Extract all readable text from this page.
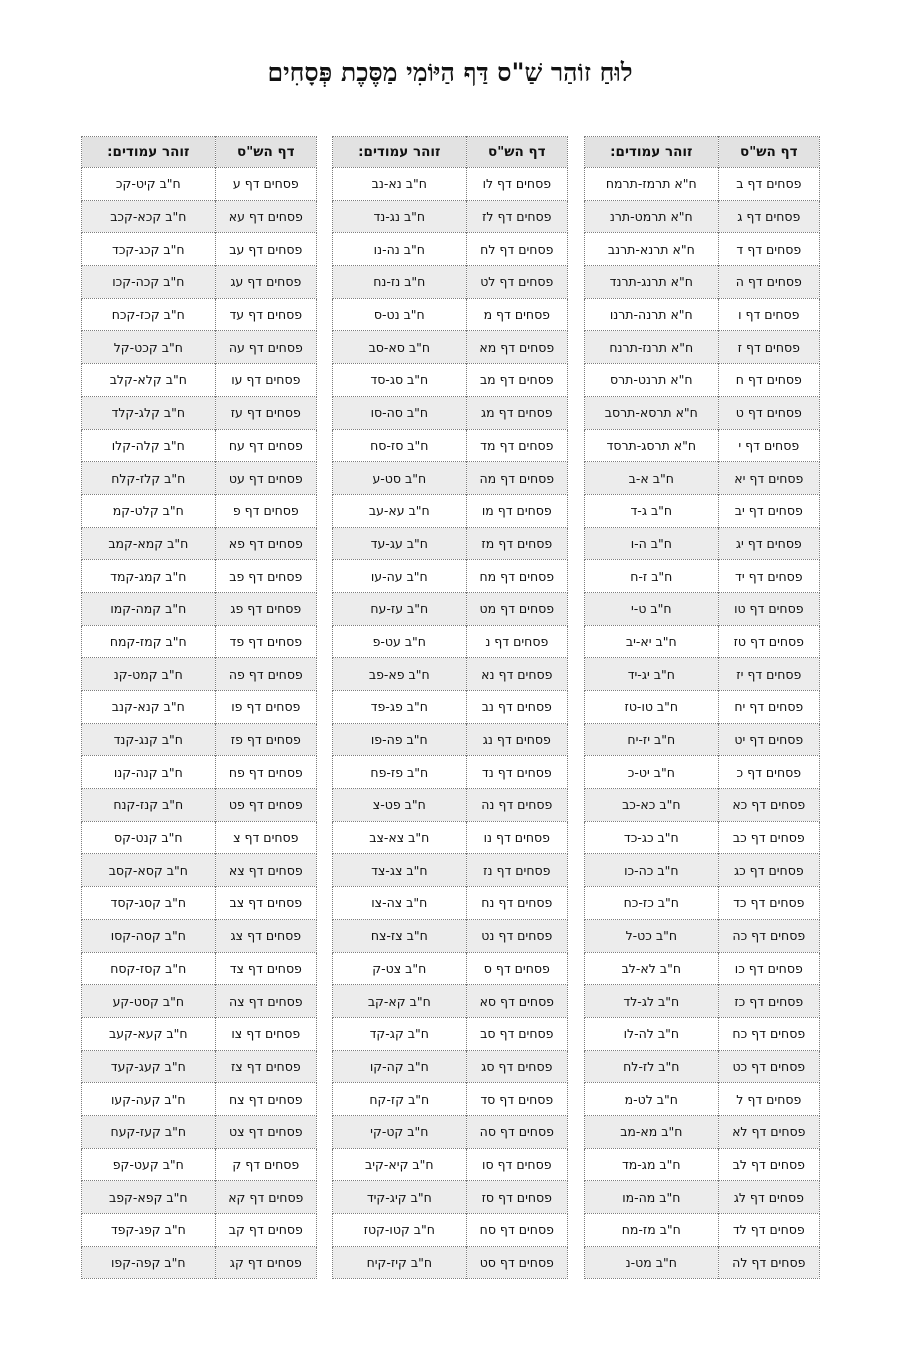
לוּחַ זוֹהַר שַׁ"ס דַּף הַיּוֹמִי מַסֶּכֶת פְּסָחִים
דף הש"ס	זוהר עמודים:
פסחים דף ב	ח"א תרמז-תרמח
פסחים דף ג	ח"א תרמט-תרנ
פסחים דף ד	ח"א תרנא-תרנב
פסחים דף ה	ח"א תרנג-תרנד
פסחים דף ו	ח"א תרנה-תרנו
פסחים דף ז	ח"א תרנז-תרנח
פסחים דף ח	ח"א תרנט-תרס
פסחים דף ט	ח"א תרסא-תרסב
פסחים דף י	ח"א תרסג-תרסד
פסחים דף יא	ח"ב א-ב
פסחים דף יב	ח"ב ג-ד
פסחים דף יג	ח"ב ה-ו
פסחים דף יד	ח"ב ז-ח
פסחים דף טו	ח"ב ט-י
פסחים דף טז	ח"ב יא-יב
פסחים דף יז	ח"ב יג-יד
פסחים דף יח	ח"ב טו-טז
פסחים דף יט	ח"ב יז-יח
פסחים דף כ	ח"ב יט-כ
פסחים דף כא	ח"ב כא-כב
פסחים דף כב	ח"ב כג-כד
פסחים דף כג	ח"ב כה-כו
פסחים דף כד	ח"ב כז-כח
פסחים דף כה	ח"ב כט-ל
פסחים דף כו	ח"ב לא-לב
פסחים דף כז	ח"ב לג-לד
פסחים דף כח	ח"ב לה-לו
פסחים דף כט	ח"ב לז-לח
פסחים דף ל	ח"ב לט-מ
פסחים דף לא	ח"ב מא-מב
פסחים דף לב	ח"ב מג-מד
פסחים דף לג	ח"ב מה-מו
פסחים דף לד	ח"ב מז-מח
פסחים דף לה	ח"ב מט-נ
דף הש"ס	זוהר עמודים:
פסחים דף לו	ח"ב נא-נב
פסחים דף לז	ח"ב נג-נד
פסחים דף לח	ח"ב נה-נו
פסחים דף לט	ח"ב נז-נח
פסחים דף מ	ח"ב נט-ס
פסחים דף מא	ח"ב סא-סב
פסחים דף מב	ח"ב סג-סד
פסחים דף מג	ח"ב סה-סו
פסחים דף מד	ח"ב סז-סח
פסחים דף מה	ח"ב סט-ע
פסחים דף מו	ח"ב עא-עב
פסחים דף מז	ח"ב עג-עד
פסחים דף מח	ח"ב עה-עו
פסחים דף מט	ח"ב עז-עח
פסחים דף נ	ח"ב עט-פ
פסחים דף נא	ח"ב פא-פב
פסחים דף נב	ח"ב פג-פד
פסחים דף נג	ח"ב פה-פו
פסחים דף נד	ח"ב פז-פח
פסחים דף נה	ח"ב פט-צ
פסחים דף נו	ח"ב צא-צב
פסחים דף נז	ח"ב צג-צד
פסחים דף נח	ח"ב צה-צו
פסחים דף נט	ח"ב צז-צח
פסחים דף ס	ח"ב צט-ק
פסחים דף סא	ח"ב קא-קב
פסחים דף סב	ח"ב קג-קד
פסחים דף סג	ח"ב קה-קו
פסחים דף סד	ח"ב קז-קח
פסחים דף סה	ח"ב קט-קי
פסחים דף סו	ח"ב קיא-קיב
פסחים דף סז	ח"ב קיג-קיד
פסחים דף סח	ח"ב קטו-קטז
פסחים דף סט	ח"ב קיז-קיח
דף הש"ס	זוהר עמודים:
פסחים דף ע	ח"ב קיט-קכ
פסחים דף עא	ח"ב קכא-קכב
פסחים דף עב	ח"ב קכג-קכד
פסחים דף עג	ח"ב קכה-קכו
פסחים דף עד	ח"ב קכז-קכח
פסחים דף עה	ח"ב קכט-קל
פסחים דף עו	ח"ב קלא-קלב
פסחים דף עז	ח"ב קלג-קלד
פסחים דף עח	ח"ב קלה-קלו
פסחים דף עט	ח"ב קלז-קלח
פסחים דף פ	ח"ב קלט-קמ
פסחים דף פא	ח"ב קמא-קמב
פסחים דף פב	ח"ב קמג-קמד
פסחים דף פג	ח"ב קמה-קמו
פסחים דף פד	ח"ב קמז-קמח
פסחים דף פה	ח"ב קמט-קנ
פסחים דף פו	ח"ב קנא-קנב
פסחים דף פז	ח"ב קנג-קנד
פסחים דף פח	ח"ב קנה-קנו
פסחים דף פט	ח"ב קנז-קנח
פסחים דף צ	ח"ב קנט-קס
פסחים דף צא	ח"ב קסא-קסב
פסחים דף צב	ח"ב קסג-קסד
פסחים דף צג	ח"ב קסה-קסו
פסחים דף צד	ח"ב קסז-קסח
פסחים דף צה	ח"ב קסט-קע
פסחים דף צו	ח"ב קעא-קעב
פסחים דף צז	ח"ב קעג-קעד
פסחים דף צח	ח"ב קעה-קעו
פסחים דף צט	ח"ב קעז-קעח
פסחים דף ק	ח"ב קעט-קפ
פסחים דף קא	ח"ב קפא-קפב
פסחים דף קב	ח"ב קפג-קפד
פסחים דף קג	ח"ב קפה-קפו
